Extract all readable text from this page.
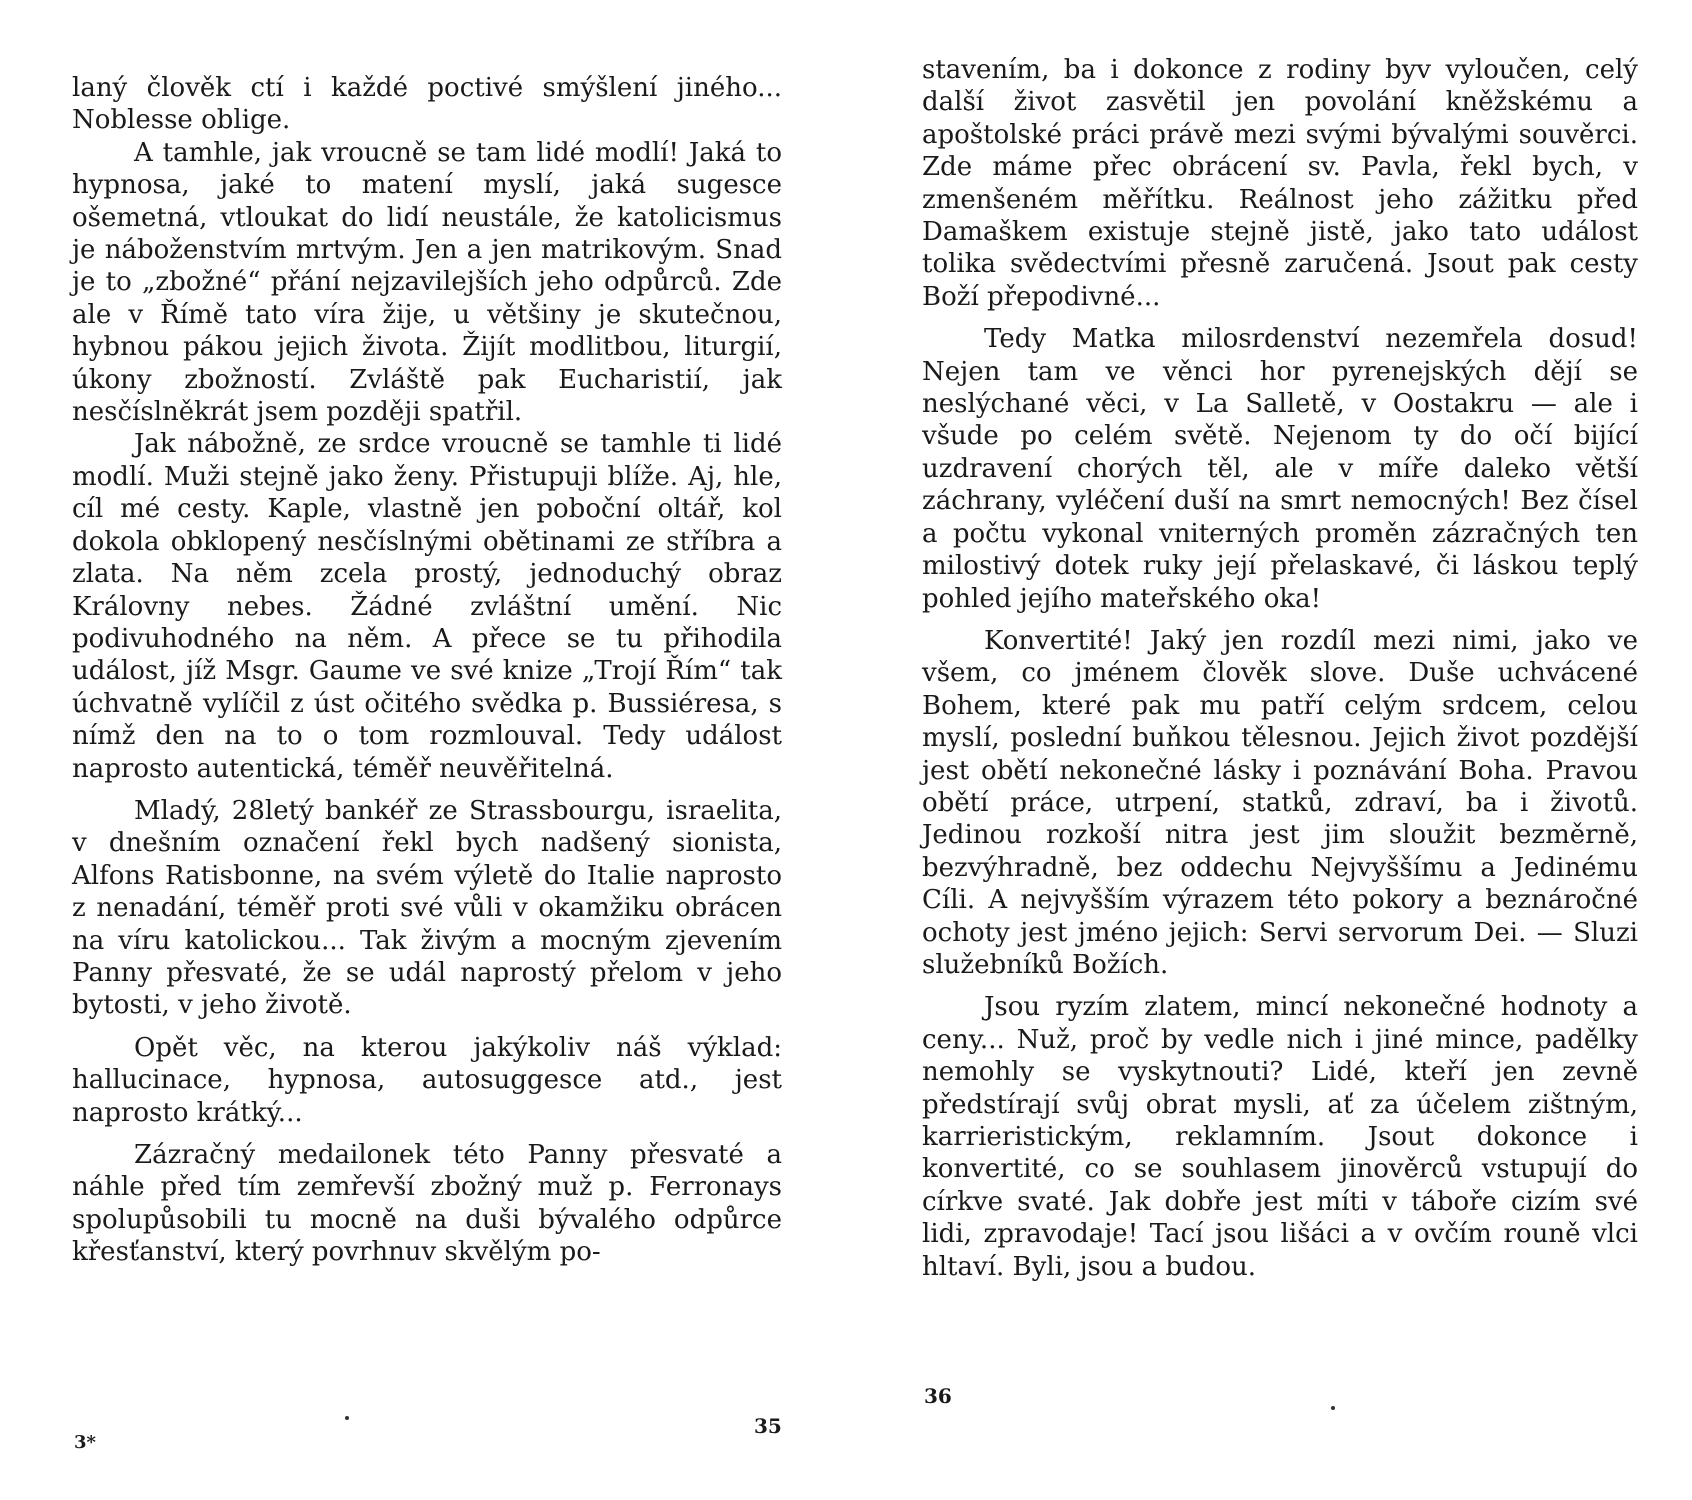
laný člověk ctí i každé poctivé smýšlení jiného... Noblesse oblige.

A tamhle, jak vroucně se tam lidé modlí! Jaká to hypnosa, jaké to matení myslí, jaká sugesce ošemetná, vtloukat do lidí neustále, že katolicismus je náboženstvím mrtvým. Jen a jen matrikovým. Snad je to „zbožné“ přání nejzavilejších jeho odpůrců. Zde ale v Římě tato víra žije, u většiny je skutečnou, hybnou pákou jejich života. Žijít modlitbou, liturgií, úkony zbožností. Zvláště pak Eucharistií, jak nesčíslněkrát jsem později spatřil.

Jak nábožně, ze srdce vroucně se tamhle ti lidé modlí. Muži stejně jako ženy. Přistupuji blíže. Aj, hle, cíl mé cesty. Kaple, vlastně jen poboční oltář, kol dokola obklopený nesčíslnými obětinami ze stříbra a zlata. Na něm zcela prostý, jednoduchý obraz Královny nebes. Žádné zvláštní umění. Nic podivuhodného na něm. A přece se tu přihodila událost, jíž Msgr. Gaume ve své knize „Trojí Řím“ tak úchvatně vylíčil z úst očitého svědka p. Bussiéresa, s nímž den na to o tom rozmlouval. Tedy událost naprosto autentická, téměř neuvěřitelná.

Mladý, 28letý bankéř ze Strassbourgu, israelita, v dnešním označení řekl bych nadšený sionista, Alfons Ratisbonne, na svém výletě do Italie naprosto z nenadání, téměř proti své vůli v okamžiku obrácen na víru katolickou... Tak živým a mocným zjevením Panny přesvaté, že se udál naprostý přelom v jeho bytosti, v jeho životě.

Opět věc, na kterou jakýkoliv náš výklad: hallucinace, hypnosa, autosuggesce atd., jest naprosto krátký...

Zázračný medailonek této Panny přesvaté a náhle před tím zemřevší zbožný muž p. Ferronays spolupůsobili tu mocně na duši bývalého odpůrce křesťanství, který povrhnuv skvělým po-

3*
35

stavením, ba i dokonce z rodiny byv vyloučen, celý další život zasvětil jen povolání kněžskému a apoštolské práci právě mezi svými bývalými souvěrci. Zde máme přec obrácení sv. Pavla, řekl bych, v zmenšeném měřítku. Reálnost jeho zážitku před Damaškem existuje stejně jistě, jako tato událost tolika svědectvími přesně zaručená. Jsout pak cesty Boží přepodivné...

Tedy Matka milosrdenství nezemřela dosud! Nejen tam ve věnci hor pyrenejských dějí se neslýchané věci, v La Salletě, v Oostakru — ale i všude po celém světě. Nejenom ty do očí bijící uzdravení chorých těl, ale v míře daleko větší záchrany, vyléčení duší na smrt nemocných! Bez čísel a počtu vykonal vniterných proměn zázračných ten milostivý dotek ruky její přelaskavé, či láskou teplý pohled jejího mateřského oka!

Konvertité! Jaký jen rozdíl mezi nimi, jako ve všem, co jménem člověk slove. Duše uchvácené Bohem, které pak mu patří celým srdcem, celou myslí, poslední buňkou tělesnou. Jejich život pozdější jest obětí nekonečné lásky i poznávání Boha. Pravou obětí práce, utrpení, statků, zdraví, ba i životů. Jedinou rozkoší nitra jest jim sloužit bezměrně, bezvýhradně, bez oddechu Nejvyššímu a Jedinému Cíli. A nejvyšším výrazem této pokory a beznáročné ochoty jest jméno jejich: Servi servorum Dei. — Sluzi služebníků Božích.

Jsou ryzím zlatem, mincí nekonečné hodnoty a ceny... Nuž, proč by vedle nich i jiné mince, padělky nemohly se vyskytnouti? Lidé, kteří jen zevně předstírají svůj obrat mysli, ať za účelem zištným, karrieristickým, reklamním. Jsout dokonce i konvertité, co se souhlasem jinověrců vstupují do církve svaté. Jak dobře jest míti v táboře cizím své lidi, zpravodaje! Tací jsou lišáci a v ovčím rouně vlci hltaví. Byli, jsou a budou.

36
